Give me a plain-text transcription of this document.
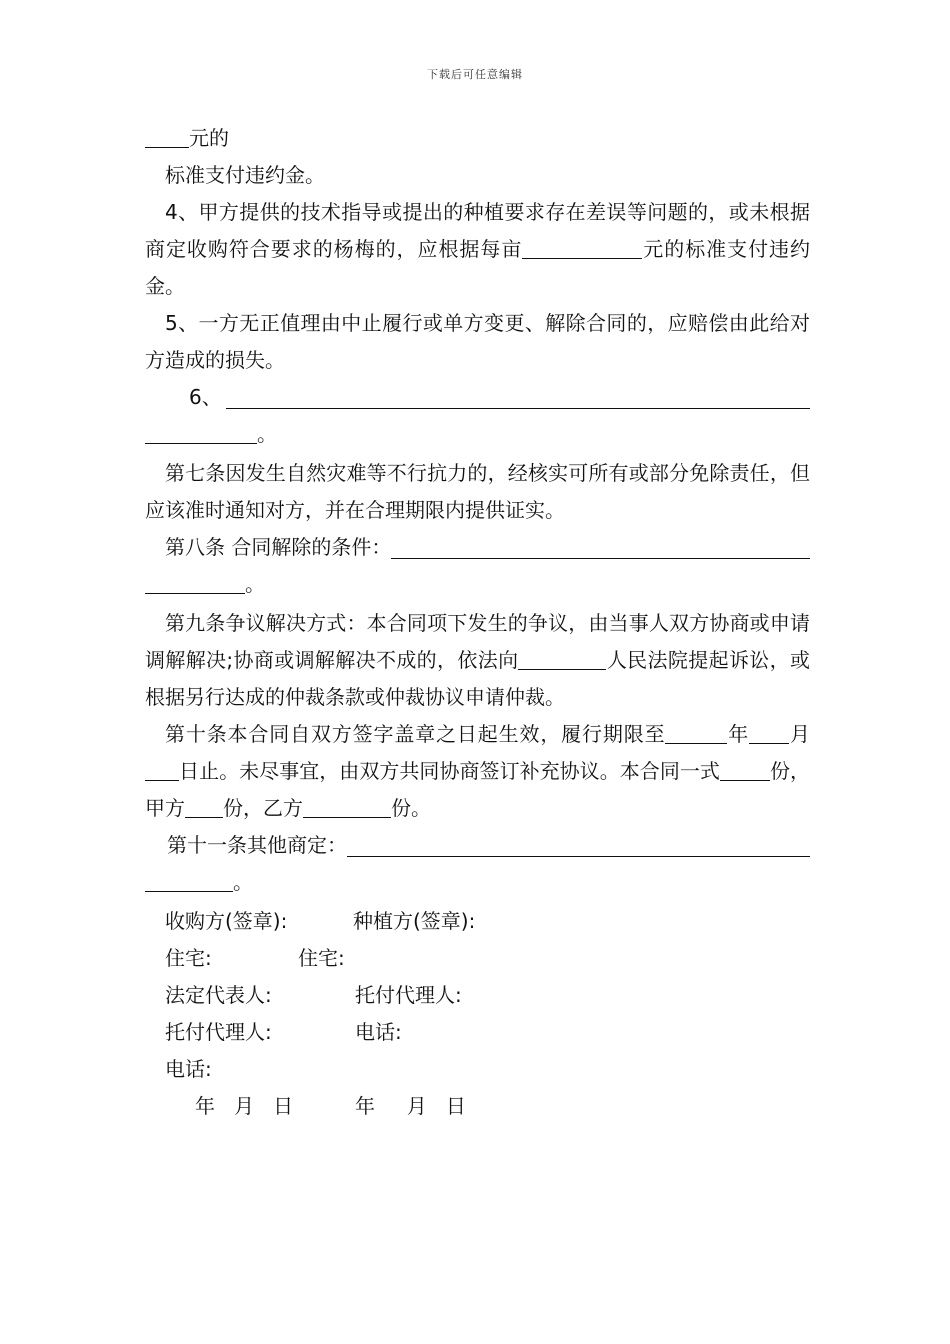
下载后可任意编辑

元的

标准支付违约金。

4、甲方提供的技术指导或提出的种植要求存在差误等问题的，或未根据商定收购符合要求的杨梅的，应根据每亩	元的标准支付违约金。

5、一方无正值理由中止履行或单方变更、解除合同的，应赔偿由此给对方造成的损失。

6、

。

第七条因发生自然灾难等不行抗力的，经核实可所有或部分免除责任，但应该准时通知对方，并在合理期限内提供证实。

第八条 合同解除的条件：

。

第九条争议解决方式：本合同项下发生的争议，由当事人双方协商或申请调解解决;协商或调解解决不成的，依法向	人民法院提起诉讼，或根据另行达成的仲裁条款或仲裁协议申请仲裁。

第十条本合同自双方签字盖章之日起生效，履行期限至	年 月日止。未尽事宜，由双方共同协商签订补充协议。本合同一式	份，甲方 份，乙方	份。

第十一条其他商定：

。

收购方(签章):	种植方(签章):
住宅:	住宅:
法定代表人:	托付代理人:
托付代理人:	电话:
电话:
年   月   日	年     月   日
